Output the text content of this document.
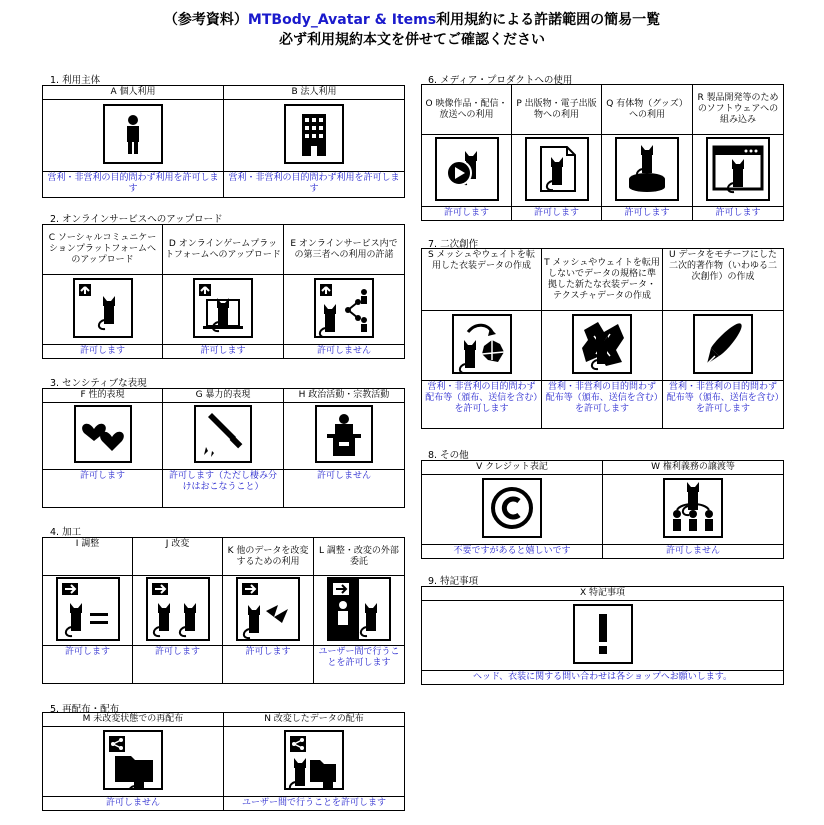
（参考資料）MTBody_Avatar & Items利用規約による許諾範囲の簡易一覧
必ず利用規約本文を併せてご確認ください
1. 利用主体
A 個人利用	B 法人利用

営利・非営利の目的問わず利用を許可します	営利・非営利の目的問わず利用を許可します
2. オンラインサービスへのアップロード
C ソーシャルコミュニケーションプラットフォームへのアップロード	D オンラインゲームプラットフォームへのアップロード	E オンラインサービス内での第三者への利用の許諾

許可します	許可します	許可しません
3. センシティブな表現
F 性的表現	G 暴力的表現	H 政治活動・宗教活動

許可します	許可します（ただし棲み分けはおこなうこと）	許可しません
4. 加工
I 調整	J 改変	K 他のデータを改変するための利用	L 調整・改変の外部委託

許可します	許可します	許可します	ユーザー間で行うことを許可します
5. 再配布・配布
M 未改変状態での再配布	N 改変したデータの配布

許可しません	ユーザー間で行うことを許可します
6. メディア・プロダクトへの使用
O 映像作品・配信・放送への利用	P 出版物・電子出版物への利用	Q 有体物（グッズ）への利用	R 製品開発等のためのソフトウェアへの組み込み

許可します	許可します	許可します	許可します
7. 二次創作
S メッシュやウェイトを転用した衣装データの作成	T メッシュやウェイトを転用しないでデータの規格に準拠した新たな衣装データ・テクスチャデータの作成	U データをモチーフにした二次的著作物（いわゆる二次創作）の作成

営利・非営利の目的問わず配布等（頒布、送信を含む）を許可します	営利・非営利の目的問わず配布等（頒布、送信を含む）を許可します	営利・非営利の目的問わず配布等（頒布、送信を含む）を許可します
8. その他
V クレジット表記	W 権利義務の譲渡等

不要ですがあると嬉しいです	許可しません
9. 特記事項
X 特記事項

ヘッド、衣装に関する問い合わせは各ショップへお願いします。
